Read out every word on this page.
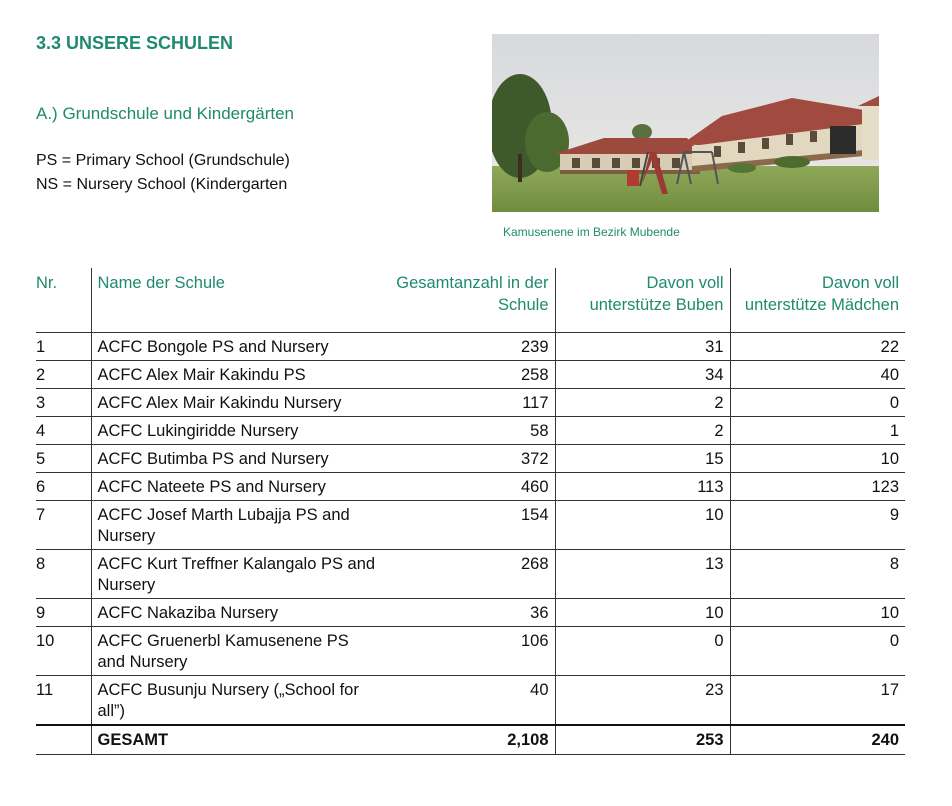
3.3 UNSERE SCHULEN
A.) Grundschule und Kindergärten
PS = Primary School (Grundschule)
NS = Nursery School (Kindergarten
Kamusenene im Bezirk Mubende
Nr.	Name der Schule	Gesamtanzahl in der Schule	Davon voll unterstütze Buben	Davon voll unterstütze Mädchen
1	ACFC Bongole PS and Nursery	239	31	22
2	ACFC Alex Mair Kakindu PS	258	34	40
3	ACFC Alex Mair Kakindu Nursery	117	2	0
4	ACFC Lukingiridde Nursery	58	2	1
5	ACFC Butimba PS and Nursery	372	15	10
6	ACFC Nateete PS and Nursery	460	113	123
7	ACFC Josef Marth Lubajja PS and Nursery	154	10	9
8	ACFC Kurt Treffner Kalangalo PS and Nursery	268	13	8
9	ACFC Nakaziba Nursery	36	10	10
10	ACFC Gruenerbl Kamusenene PS and Nursery	106	0	0
11	ACFC Busunju Nursery („School for all”)	40	23	17
	GESAMT	2,108	253	240
